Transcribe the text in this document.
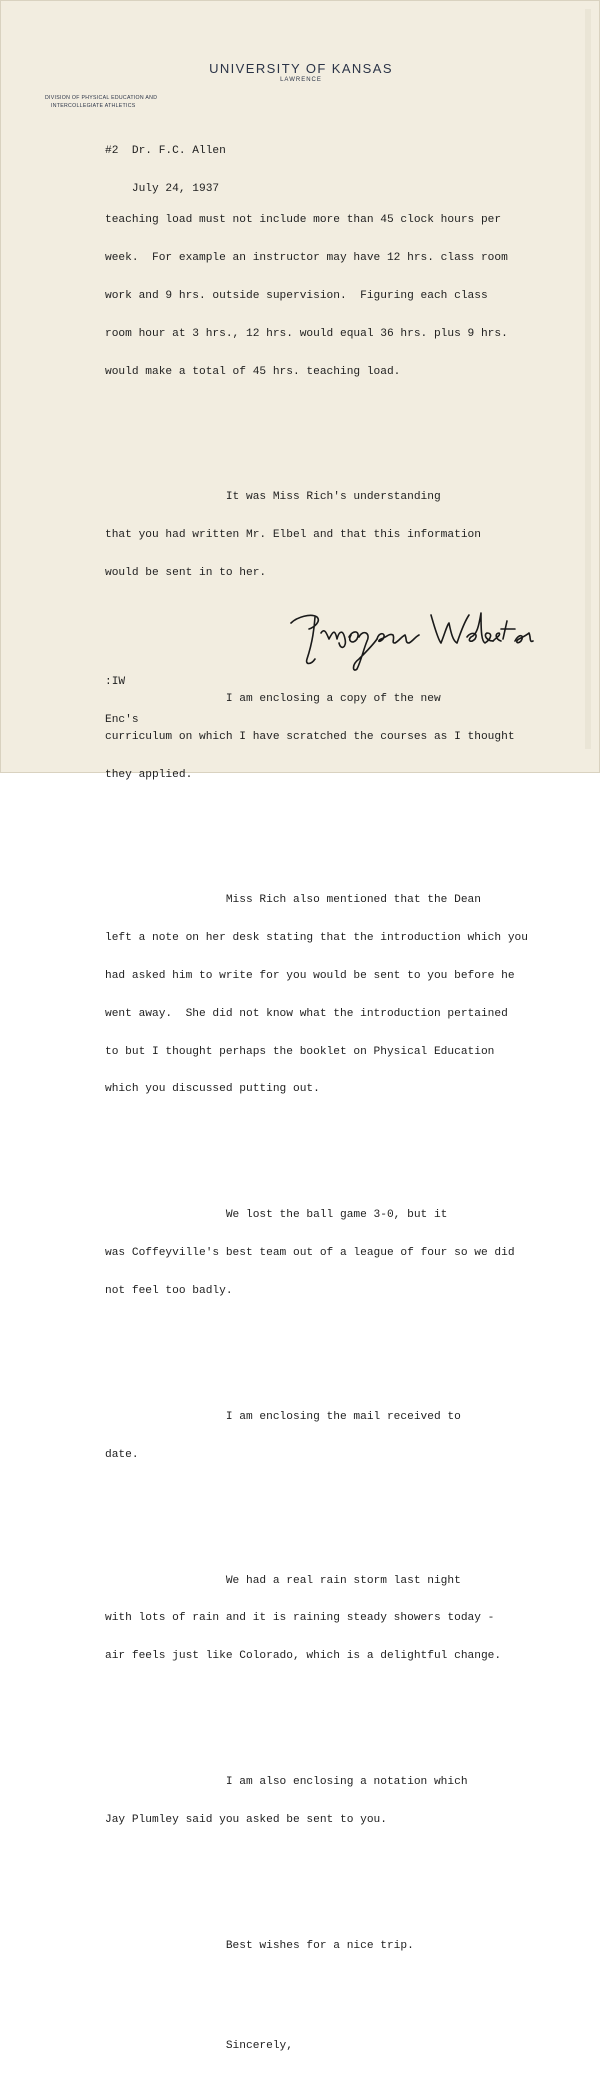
UNIVERSITY OF KANSAS
LAWRENCE
DIVISION OF PHYSICAL EDUCATION AND
INTERCOLLEGIATE ATHLETICS

#2  Dr. F.C. Allen

July 24, 1937

teaching load must not include more than 45 clock hours per

week.  For example an instructor may have 12 hrs. class room

work and 9 hrs. outside supervision.  Figuring each class

room hour at 3 hrs., 12 hrs. would equal 36 hrs. plus 9 hrs.

would make a total of 45 hrs. teaching load.

It was Miss Rich's understanding

that you had written Mr. Elbel and that this information

would be sent in to her.

I am enclosing a copy of the new

curriculum on which I have scratched the courses as I thought

they applied.

Miss Rich also mentioned that the Dean

left a note on her desk stating that the introduction which you

had asked him to write for you would be sent to you before he

went away.  She did not know what the introduction pertained

to but I thought perhaps the booklet on Physical Education

which you discussed putting out.

We lost the ball game 3-0, but it

was Coffeyville's best team out of a league of four so we did

not feel too badly.

I am enclosing the mail received to

date.

We had a real rain storm last night

with lots of rain and it is raining steady showers today -

air feels just like Colorado, which is a delightful change.

I am also enclosing a notation which

Jay Plumley said you asked be sent to you.

Best wishes for a nice trip.

Sincerely,

:IW

Enc's
